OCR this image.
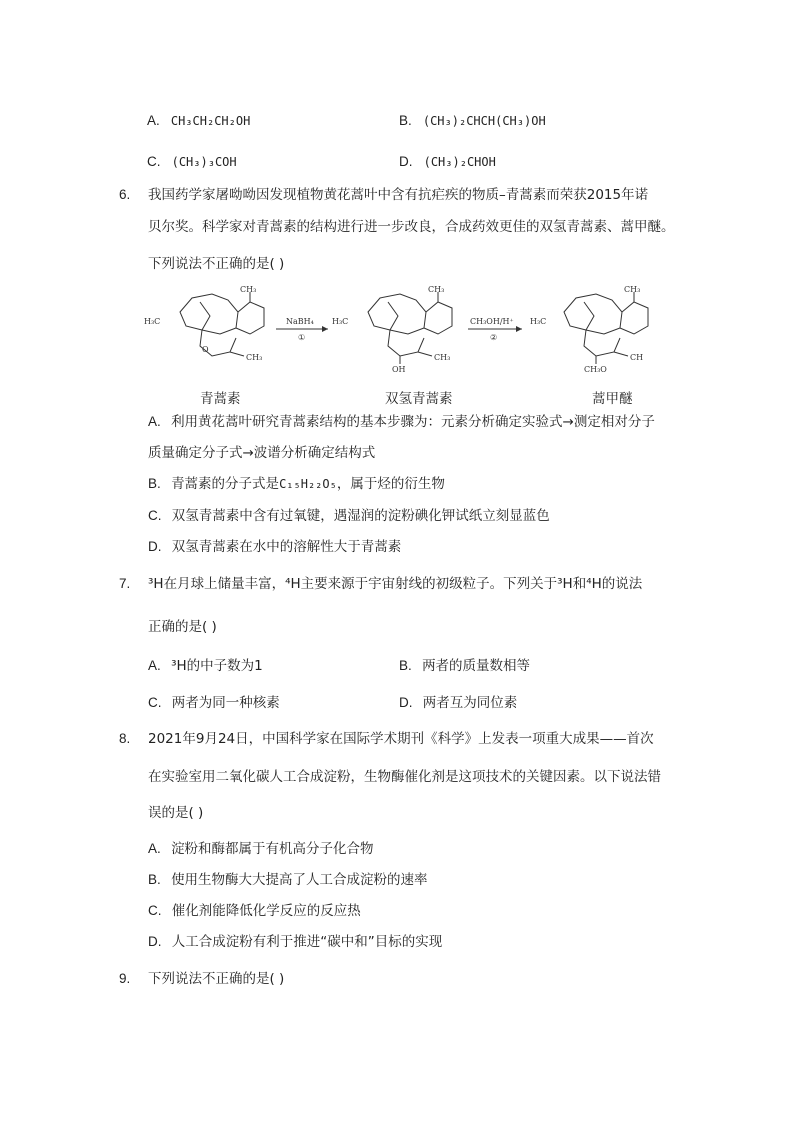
A. CH₃CH₂CH₂OH	B. (CH₃)₂CHCH(CH₃)OH
C. (CH₃)₃COH	D. (CH₃)₂CHOH
6. 我国药学家屠呦呦因发现植物黄花蒿叶中含有抗疟疾的物质–青蒿素而荣获2015年诺
贝尔奖。科学家对青蒿素的结构进行进一步改良，合成药效更佳的双氢青蒿素、蒿甲醚。
下列说法不正确的是( )
CH₃
H₃C
CH₃
O
NaBH₄
①
CH₃
H₃C
CH₃
OH
CH₃OH/H⁺
②
CH₃
H₃C
CH
CH₃O
青蒿素	双氢青蒿素	蒿甲醚
A. 利用黄花蒿叶研究青蒿素结构的基本步骤为：元素分析确定实验式→测定相对分子
质量确定分子式→波谱分析确定结构式
B. 青蒿素的分子式是C₁₅H₂₂O₅，属于烃的衍生物
C. 双氢青蒿素中含有过氧键，遇湿润的淀粉碘化钾试纸立刻显蓝色
D. 双氢青蒿素在水中的溶解性大于青蒿素
7. ³H在月球上储量丰富，⁴H主要来源于宇宙射线的初级粒子。下列关于³H和⁴H的说法
正确的是( )
A. ³H的中子数为1	B. 两者的质量数相等
C. 两者为同一种核素	D. 两者互为同位素
8. 2021年9月24日，中国科学家在国际学术期刊《科学》上发表一项重大成果——首次
在实验室用二氧化碳人工合成淀粉，生物酶催化剂是这项技术的关键因素。以下说法错
误的是( )
A. 淀粉和酶都属于有机高分子化合物
B. 使用生物酶大大提高了人工合成淀粉的速率
C. 催化剂能降低化学反应的反应热
D. 人工合成淀粉有利于推进“碳中和”目标的实现
9. 下列说法不正确的是( )
